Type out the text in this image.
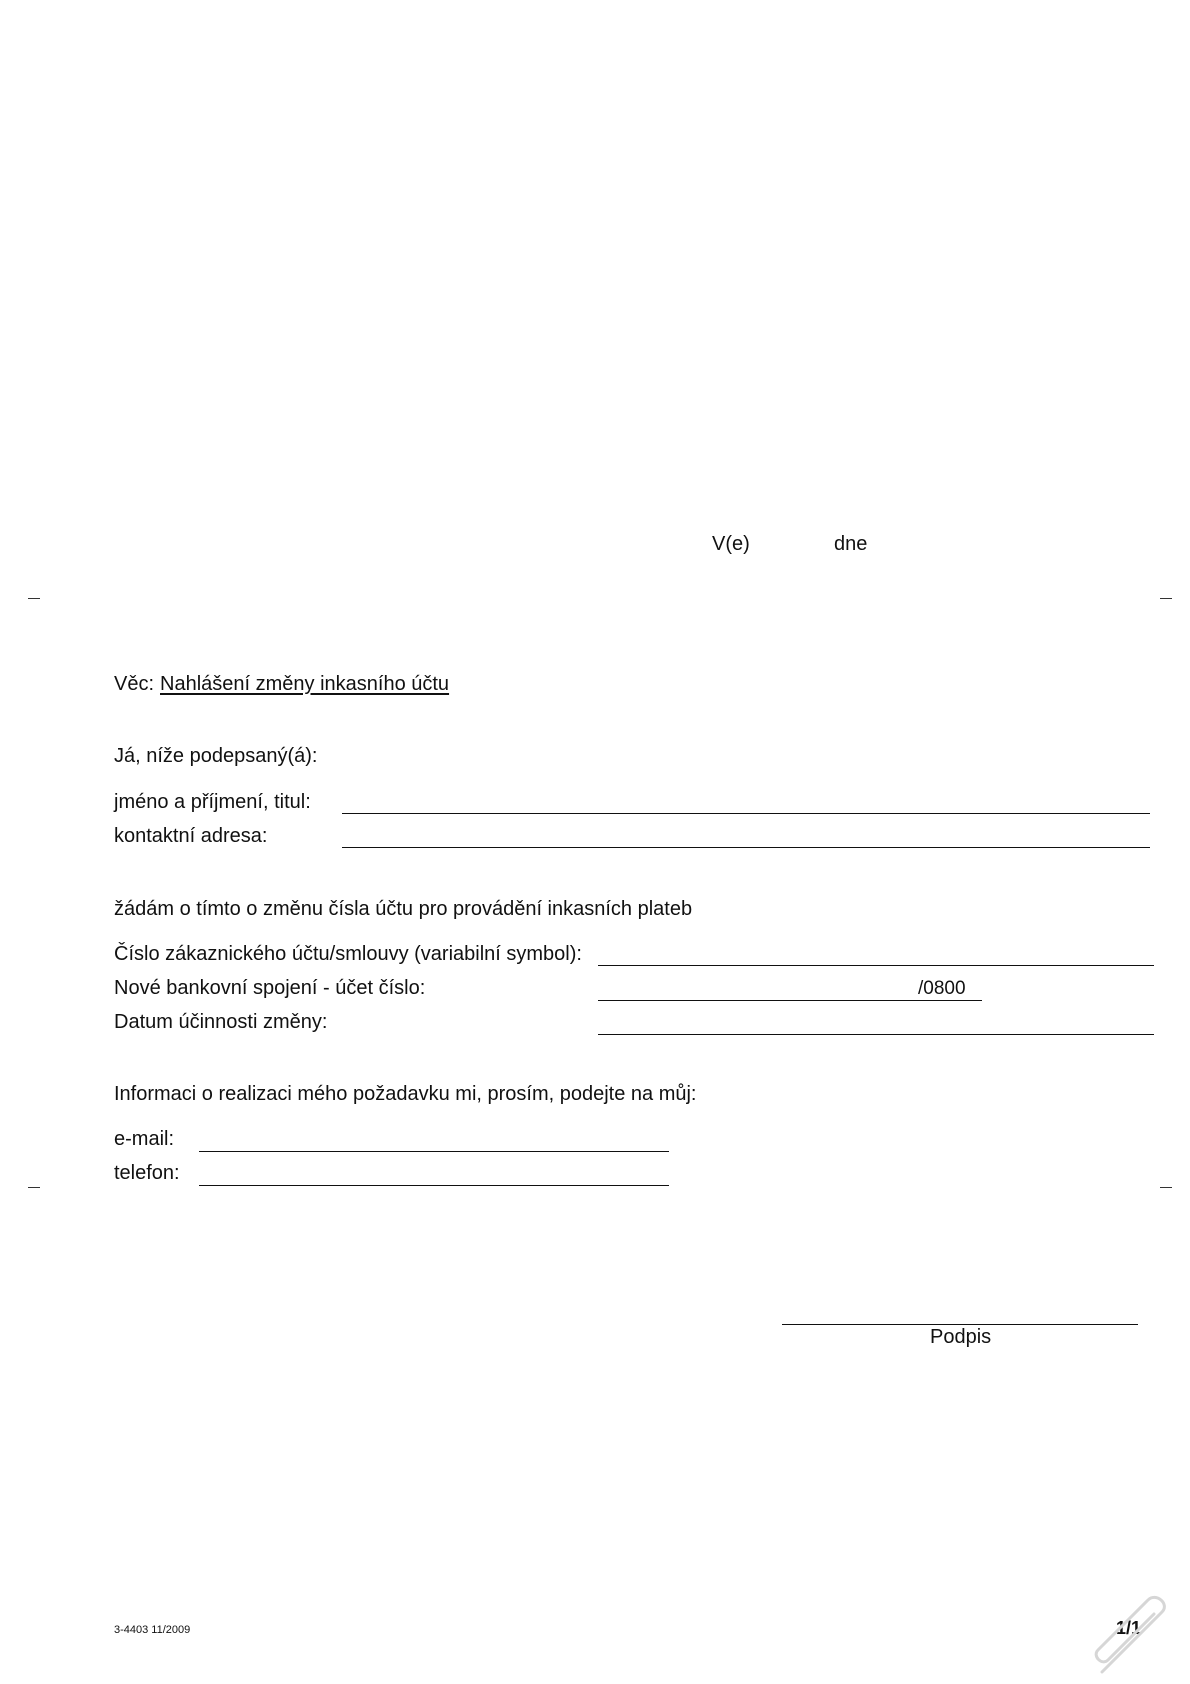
V(e)	dne
Věc: Nahlášení změny inkasního účtu
Já, níže podepsaný(á):
jméno a příjmení, titul:
kontaktní adresa:
žádám o tímto o změnu čísla účtu pro provádění inkasních plateb
Číslo zákaznického účtu/smlouvy (variabilní symbol):
Nové bankovní spojení - účet číslo:	/0800
Datum účinnosti změny:
Informaci o realizaci mého požadavku mi, prosím, podejte na můj:
e-mail:
telefon:
Podpis
3-4403 11/2009	1/1
